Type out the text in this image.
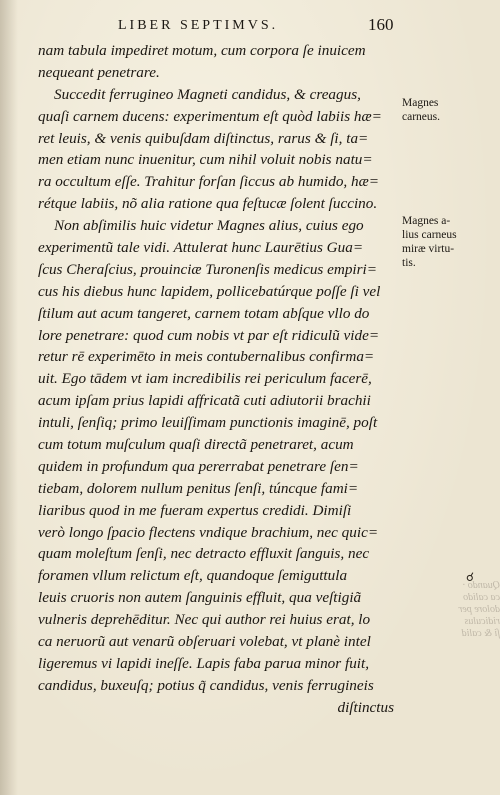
LIBER SEPTIMVS.	160
nam tabula impediret motum, cum corpora ſe inuicem
nequeant penetrare.
Succedit ferrugineo Magneti candidus, & creagus,
quaſi carnem ducens: experimentum eſt quòd labiis hæ=
ret leuis, & venis quibuſdam diſtinctus, rarus & ſi, ta=
men etiam nunc inuenitur, cum nihil voluit nobis natu=
ra occultum eſſe. Trahitur forſan ſiccus ab humido, hæ=
rétque labiis, nõ alia ratione qua feſtucæ ſolent ſuccino.
Non abſimilis huic videtur Magnes alius, cuius ego
experimentũ tale vidi. Attulerat hunc Laurētius Gua=
ſcus Cheraſcius, prouinciæ Turonenſis medicus empiri=
cus his diebus hunc lapidem, pollicebatúrque poſſe ſi vel
ſtilum aut acum tangeret, carnem totam abſque vllo do
lore penetrare: quod cum nobis vt par eſt ridiculũ vide=
retur rē experimēto in meis contubernalibus confirma=
uit. Ego tādem vt iam incredibilis rei periculum facerē,
acum ipſam prius lapidi affricatã cuti adiutorii brachii
intuli, ſenſiq; primo leuiſſimam punctionis imaginē, poſt
cum totum muſculum quaſi directã penetraret, acum
quidem in profundum qua pererrabat penetrare ſen=
tiebam, dolorem nullum penitus ſenſi, túncque fami=
liaribus quod in me fueram expertus credidi. Dimiſi
verò longo ſpacio flectens vndique brachium, nec quic=
quam moleſtum ſenſi, nec detracto effluxit ſanguis, nec
foramen vllum relictum eſt, quandoque ſemiguttula
leuis cruoris non autem ſanguinis effluit, qua veſtigiã
vulneris deprehēditur. Nec qui author rei huius erat, lo
ca neruorũ aut venarũ obſeruari volebat, vt planè intel
ligeremus vi lapidi ineſſe. Lapis faba parua minor fuit,
candidus, buxeuſq; potius q̃ candidus, venis ferrugineis
diſtinctus
Magnes
carneus.
Magnes a-
lius carneus
miræ virtu-
tis.
☌
Quando ·
ca calido
dolore per
ridiculus
ſi & calid
